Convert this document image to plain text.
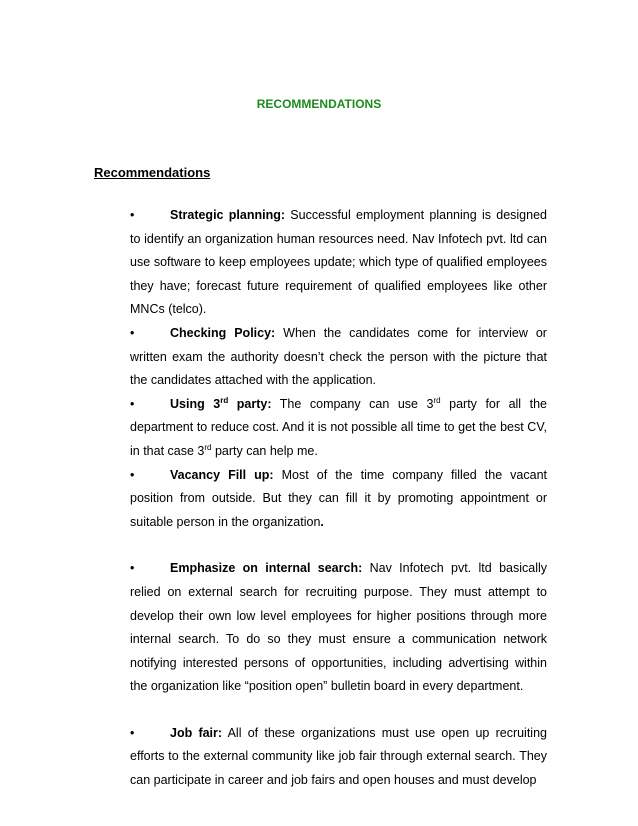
RECOMMENDATIONS
Recommendations
•	Strategic planning: Successful employment planning is designed to identify an organization human resources need. Nav Infotech pvt. ltd can use software to keep employees update; which type of qualified employees they have; forecast future requirement of qualified employees like other MNCs (telco).
•	Checking Policy: When the candidates come for interview or written exam the authority doesn’t check the person with the picture that the candidates attached with the application.
•	Using 3rd party: The company can use 3rd party for all the department to reduce cost. And it is not possible all time to get the best CV, in that case 3rd party can help me.
•	Vacancy Fill up: Most of the time company filled the vacant position from outside. But they can fill it by promoting appointment or suitable person in the organization.
•	Emphasize on internal search: Nav Infotech pvt. ltd basically relied on external search for recruiting purpose. They must attempt to develop their own low level employees for higher positions through more internal search. To do so they must ensure a communication network notifying interested persons of opportunities, including advertising within the organization like “position open” bulletin board in every department.
•	Job fair: All of these organizations must use open up recruiting efforts to the external community like job fair through external search. They can participate in career and job fairs and open houses and must develop
